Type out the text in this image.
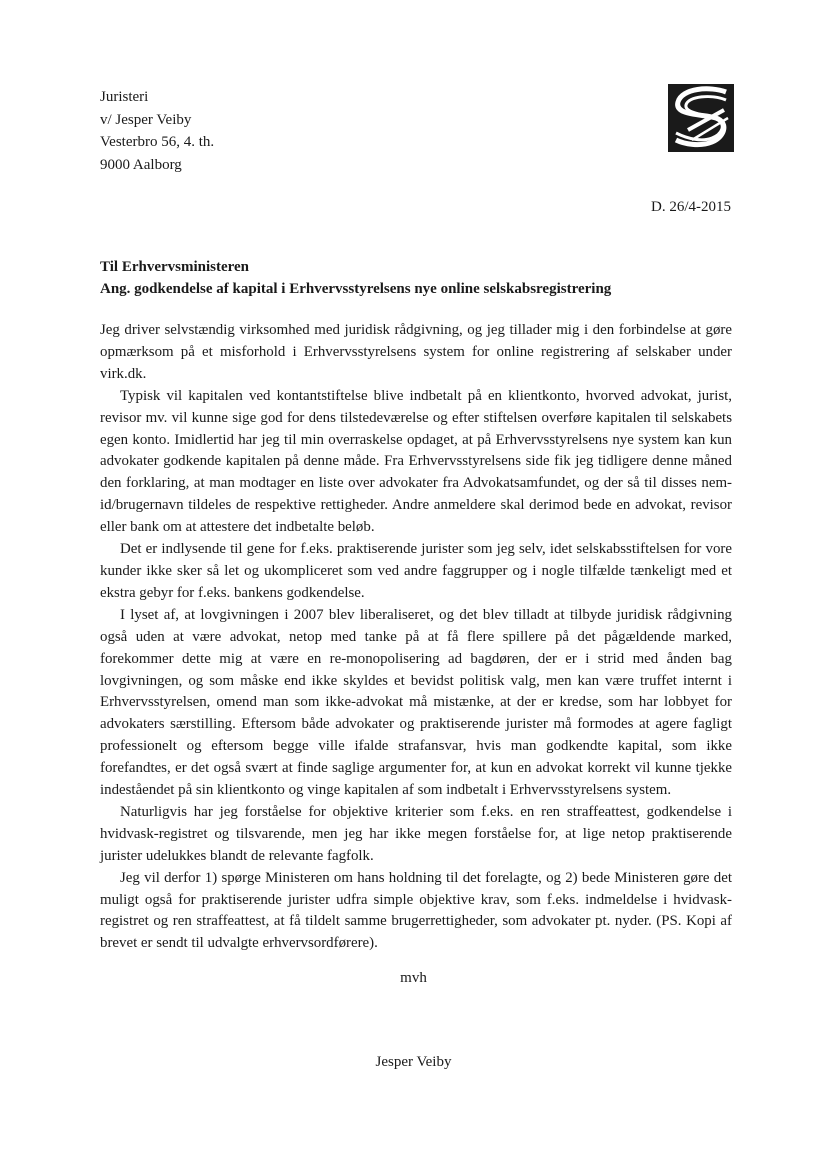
Juristeri
v/ Jesper Veiby
Vesterbro 56, 4. th.
9000 Aalborg
D. 26/4-2015
Til Erhvervsministeren
Ang. godkendelse af kapital i Erhvervsstyrelsens nye online selskabsregistrering

Jeg driver selvstændig virksomhed med juridisk rådgivning, og jeg tillader mig i den forbindelse at gøre opmærksom på et misforhold i Erhvervsstyrelsens system for online registrering af selskaber under virk.dk.

Typisk vil kapitalen ved kontantstiftelse blive indbetalt på en klientkonto, hvorved advokat, jurist, revisor mv. vil kunne sige god for dens tilstedeværelse og efter stiftelsen overføre kapitalen til selskabets egen konto. Imidlertid har jeg til min overraskelse opdaget, at på Erhvervsstyrelsens nye system kan kun advokater godkende kapitalen på denne måde. Fra Erhvervsstyrelsens side fik jeg tidligere denne måned den forklaring, at man modtager en liste over advokater fra Advokatsamfundet, og der så til disses nem-id/brugernavn tildeles de respektive rettigheder. Andre anmeldere skal derimod bede en advokat, revisor eller bank om at attestere det indbetalte beløb.

Det er indlysende til gene for f.eks. praktiserende jurister som jeg selv, idet selskabsstiftelsen for vore kunder ikke sker så let og ukompliceret som ved andre faggrupper og i nogle tilfælde tænkeligt med et ekstra gebyr for f.eks. bankens godkendelse.

I lyset af, at lovgivningen i 2007 blev liberaliseret, og det blev tilladt at tilbyde juridisk rådgivning også uden at være advokat, netop med tanke på at få flere spillere på det pågældende marked, forekommer dette mig at være en re-monopolisering ad bagdøren, der er i strid med ånden bag lovgivningen, og som måske end ikke skyldes et bevidst politisk valg, men kan være truffet internt i Erhvervsstyrelsen, omend man som ikke-advokat må mistænke, at der er kredse, som har lobbyet for advokaters særstilling. Eftersom både advokater og praktiserende jurister må formodes at agere fagligt professionelt og eftersom begge ville ifalde strafansvar, hvis man godkendte kapital, som ikke forefandtes, er det også svært at finde saglige argumenter for, at kun en advokat korrekt vil kunne tjekke indeståendet på sin klientkonto og vinge kapitalen af som indbetalt i Erhvervsstyrelsens system.

Naturligvis har jeg forståelse for objektive kriterier som f.eks. en ren straffeattest, godkendelse i hvidvask-registret og tilsvarende, men jeg har ikke megen forståelse for, at lige netop praktiserende jurister udelukkes blandt de relevante fagfolk.

Jeg vil derfor 1) spørge Ministeren om hans holdning til det forelagte, og 2) bede Ministeren gøre det muligt også for praktiserende jurister udfra simple objektive krav, som f.eks. indmeldelse i hvidvask-registret og ren straffeattest, at få tildelt samme brugerrettigheder, som advokater pt. nyder. (PS. Kopi af brevet er sendt til udvalgte erhvervsordførere).

mvh
Jesper Veiby
